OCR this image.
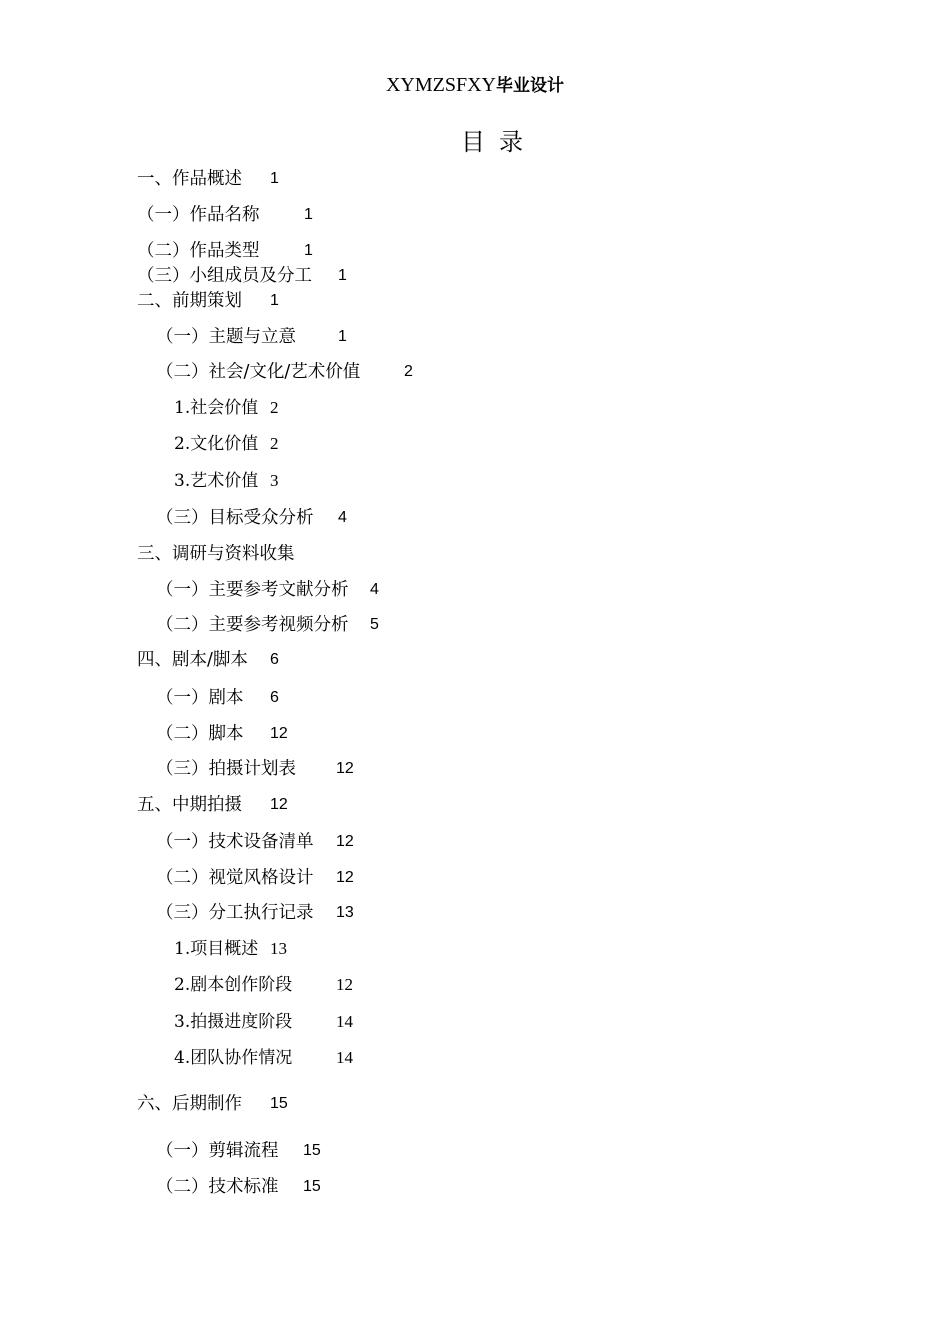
XYMZSFXY毕业设计
目录
一、作品概述 1
（一）作品名称	1
（二）作品类型	1
（三）小组成员及分工 1
二、前期策划 1
（一）主题与立意	1
（二）社会/文化/艺术价值	2
1.社会价值 2
2.文化价值 2
3.艺术价值 3
（三）目标受众分析 4
三、调研与资料收集
（一）主要参考文献分析 4
（二）主要参考视频分析 5
四、剧本/脚本 6
（一）剧本 6
（二）脚本 12
（三）拍摄计划表	12
五、中期拍摄 12
（一）技术设备清单 12
（二）视觉风格设计 12
（三）分工执行记录 13
1.项目概述 13
2.剧本创作阶段	12
3.拍摄进度阶段	14
4.团队协作情况	14
六、后期制作 15
（一）剪辑流程 15
（二）技术标准 15
